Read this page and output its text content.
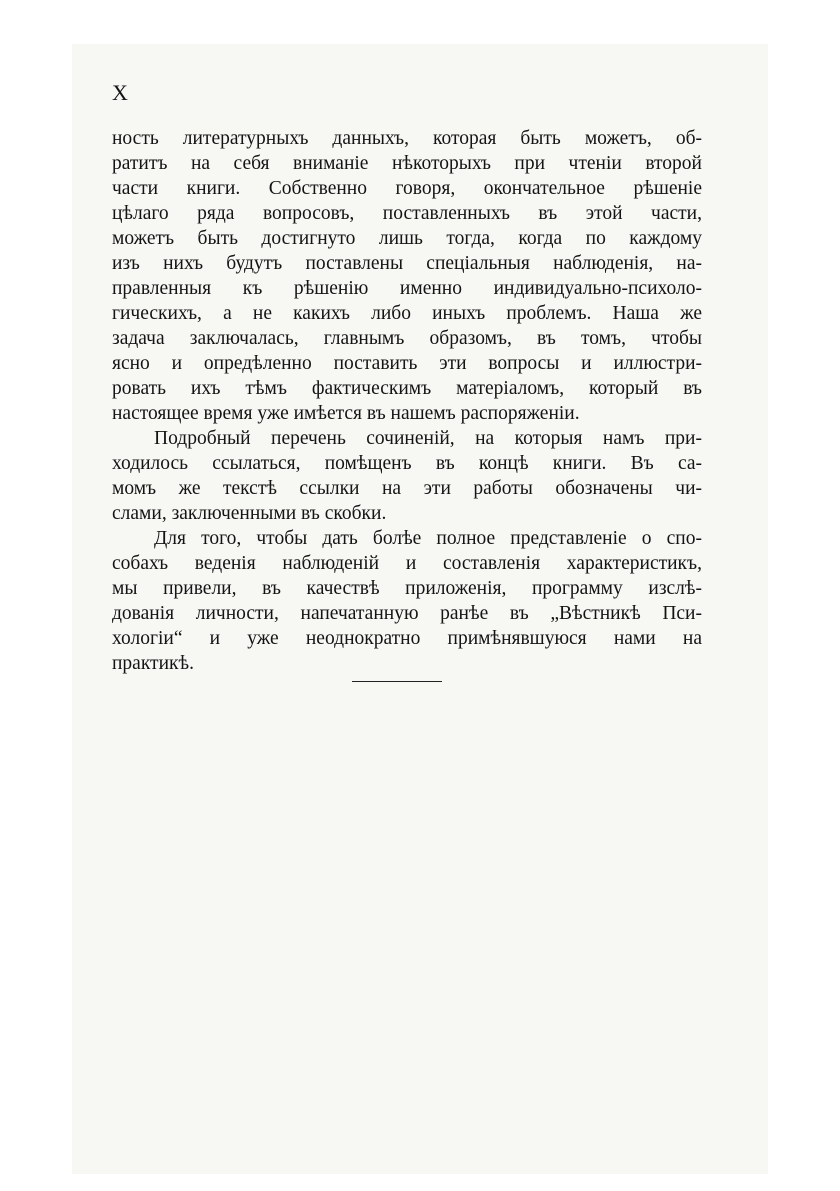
X
ность литературныхъ данныхъ, которая быть можетъ, об-
ратитъ на себя вниманіе нѣкоторыхъ при чтеніи второй
части книги. Собственно говоря, окончательное рѣшеніе
цѣлаго ряда вопросовъ, поставленныхъ въ этой части,
можетъ быть достигнуто лишь тогда, когда по каждому
изъ нихъ будутъ поставлены спеціальныя наблюденія, на-
правленныя къ рѣшенію именно индивидуально-психоло-
гическихъ, а не какихъ либо иныхъ проблемъ. Наша же
задача заключалась, главнымъ образомъ, въ томъ, чтобы
ясно и опредѣленно поставить эти вопросы и иллюстри-
ровать ихъ тѣмъ фактическимъ матеріаломъ, который въ
настоящее время уже имѣется въ нашемъ распоряженіи.
Подробный перечень сочиненій, на которыя намъ при-
ходилось ссылаться, помѣщенъ въ концѣ книги. Въ са-
момъ же текстѣ ссылки на эти работы обозначены чи-
слами, заключенными въ скобки.
Для того, чтобы дать болѣе полное представленіе о спо-
собахъ веденія наблюденій и составленія характеристикъ,
мы привели, въ качествѣ приложенія, программу изслѣ-
дованія личности, напечатанную ранѣе въ „Вѣстникѣ Пси-
хологіи“ и уже неоднократно примѣнявшуюся нами на
практикѣ.
